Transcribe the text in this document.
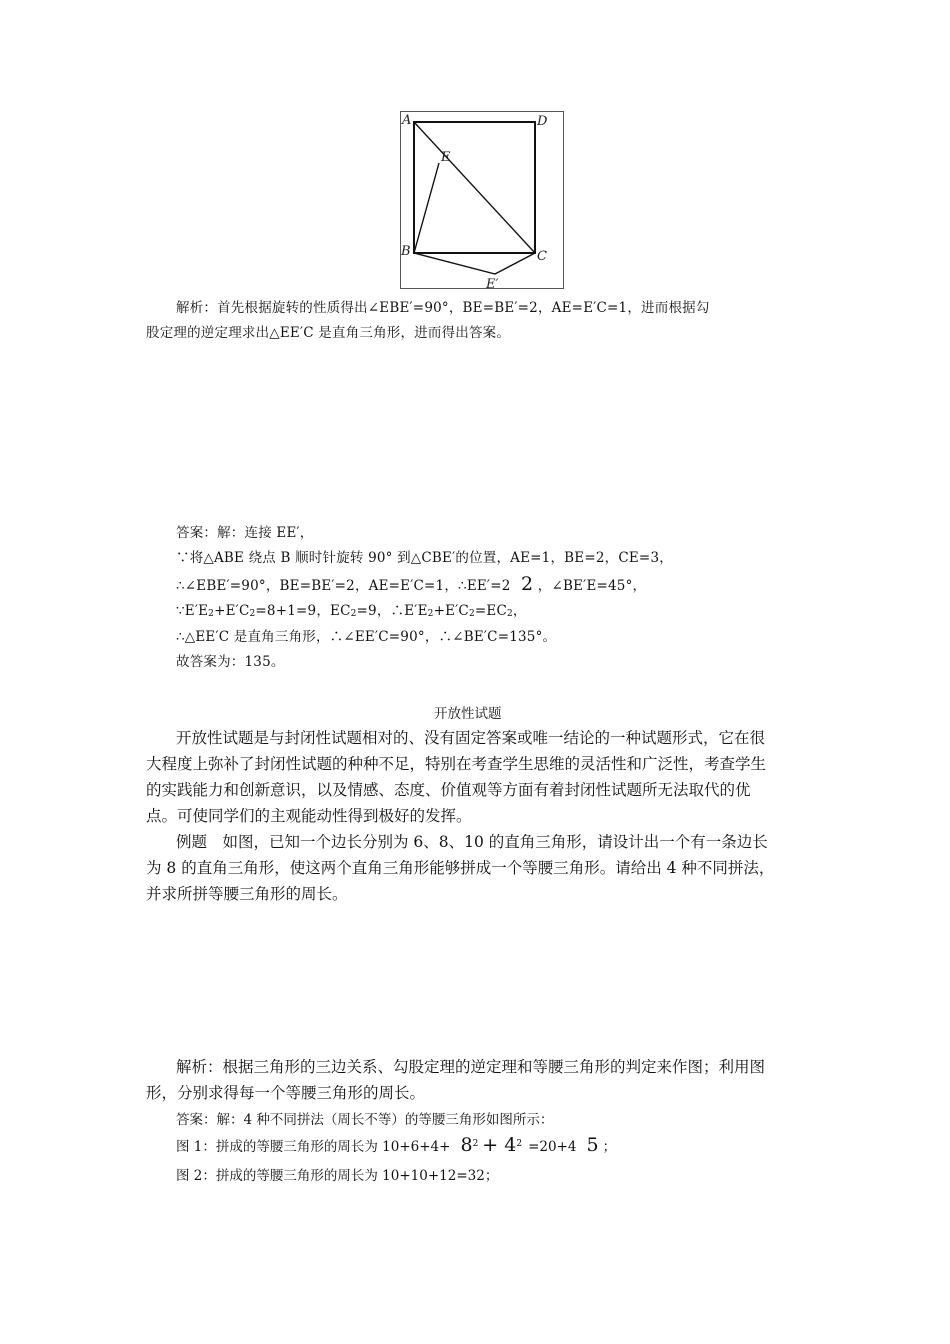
A	D
E
B	C
E′
解析：首先根据旋转的性质得出∠EBE′=90°，BE=BE′=2，AE=E′C=1，进而根据勾
股定理的逆定理求出△EE′C 是直角三角形，进而得出答案。
答案：解：连接 EE′，
∵将△ABE 绕点 B 顺时针旋转 90° 到△CBE′的位置，AE=1，BE=2，CE=3，
∴∠EBE′=90°，BE=BE′=2，AE=E′C=1，∴EE′=2 2 ，∠BE′E=45°，
$\because E'E_2+E'C_2=8+1=9$，$EC_2=9$，$\therefore E'E_2+E'C_2=EC_2$，
∴△EE′C 是直角三角形，∴∠EE′C=90°，∴∠BE′C=135°。
故答案为：135。
开放性试题
开放性试题是与封闭性试题相对的、没有固定答案或唯一结论的一种试题形式，它在很
大程度上弥补了封闭性试题的种种不足，特别在考查学生思维的灵活性和广泛性，考查学生
的实践能力和创新意识，以及情感、态度、价值观等方面有着封闭性试题所无法取代的优
点。可使同学们的主观能动性得到极好的发挥。
例题　如图，已知一个边长分别为 6、8、10 的直角三角形，请设计出一个有一条边长
为 8 的直角三角形，使这两个直角三角形能够拼成一个等腰三角形。请给出 4 种不同拼法，
并求所拼等腰三角形的周长。
解析：根据三角形的三边关系、勾股定理的逆定理和等腰三角形的判定来作图；利用图
形，分别求得每一个等腰三角形的周长。
答案：解：4 种不同拼法（周长不等）的等腰三角形如图所示：
图 1：拼成的等腰三角形的周长为 $10+6+4+ 8^2 + 4^2 =20+4$ 5 ；
图 2：拼成的等腰三角形的周长为 10+10+12=32；
